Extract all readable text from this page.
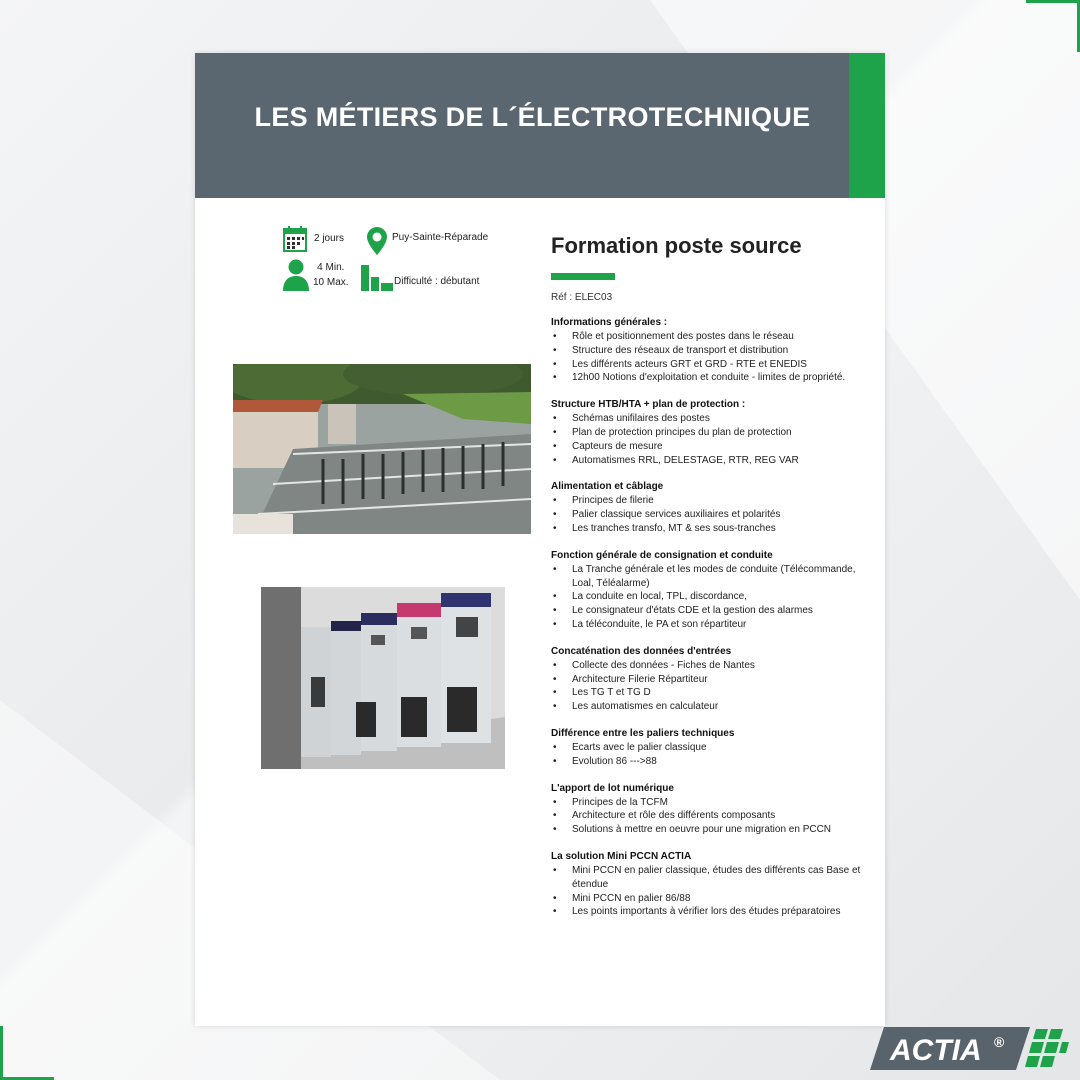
LES MÉTIERS DE L´ÉLECTROTECHNIQUE
2 jours	Puy-Sainte-Réparade
4 Min.
10 Max.	Difficulté : débutant
Formation poste source
Réf : ELEC03
Informations générales :
• Rôle et positionnement des postes dans le réseau
• Structure des réseaux de transport et distribution
• Les différents acteurs GRT et GRD - RTE et ENEDIS
• 12h00 Notions d'exploitation et conduite - limites de propriété.
Structure HTB/HTA + plan de protection :
• Schémas unifilaires des postes
• Plan de protection principes du plan de protection
• Capteurs de mesure
• Automatismes RRL, DELESTAGE, RTR, REG VAR
Alimentation et câblage
• Principes de filerie
• Palier classique services auxiliaires et polarités
• Les tranches transfo, MT & ses sous-tranches
Fonction générale de consignation et conduite
• La Tranche générale et les modes de conduite (Télécommande, Loal, Téléalarme)
• La conduite en local, TPL, discordance,
• Le consignateur d'états CDE et la gestion des alarmes
• La téléconduite, le PA et son répartiteur
Concaténation des données d'entrées
• Collecte des données - Fiches de Nantes
• Architecture Filerie Répartiteur
• Les TG T et TG D
• Les automatismes en calculateur
Différence entre les paliers techniques
• Ecarts avec le palier classique
• Evolution 86 --->88
L'apport de lot numérique
• Principes de la TCFM
• Architecture et rôle des différents composants
• Solutions à mettre en oeuvre pour une migration en PCCN
La solution Mini PCCN ACTIA
• Mini PCCN en palier classique, études des différents cas Base et étendue
• Mini PCCN en palier 86/88
• Les points importants à vérifier lors des études préparatoires
ACTIA ®
